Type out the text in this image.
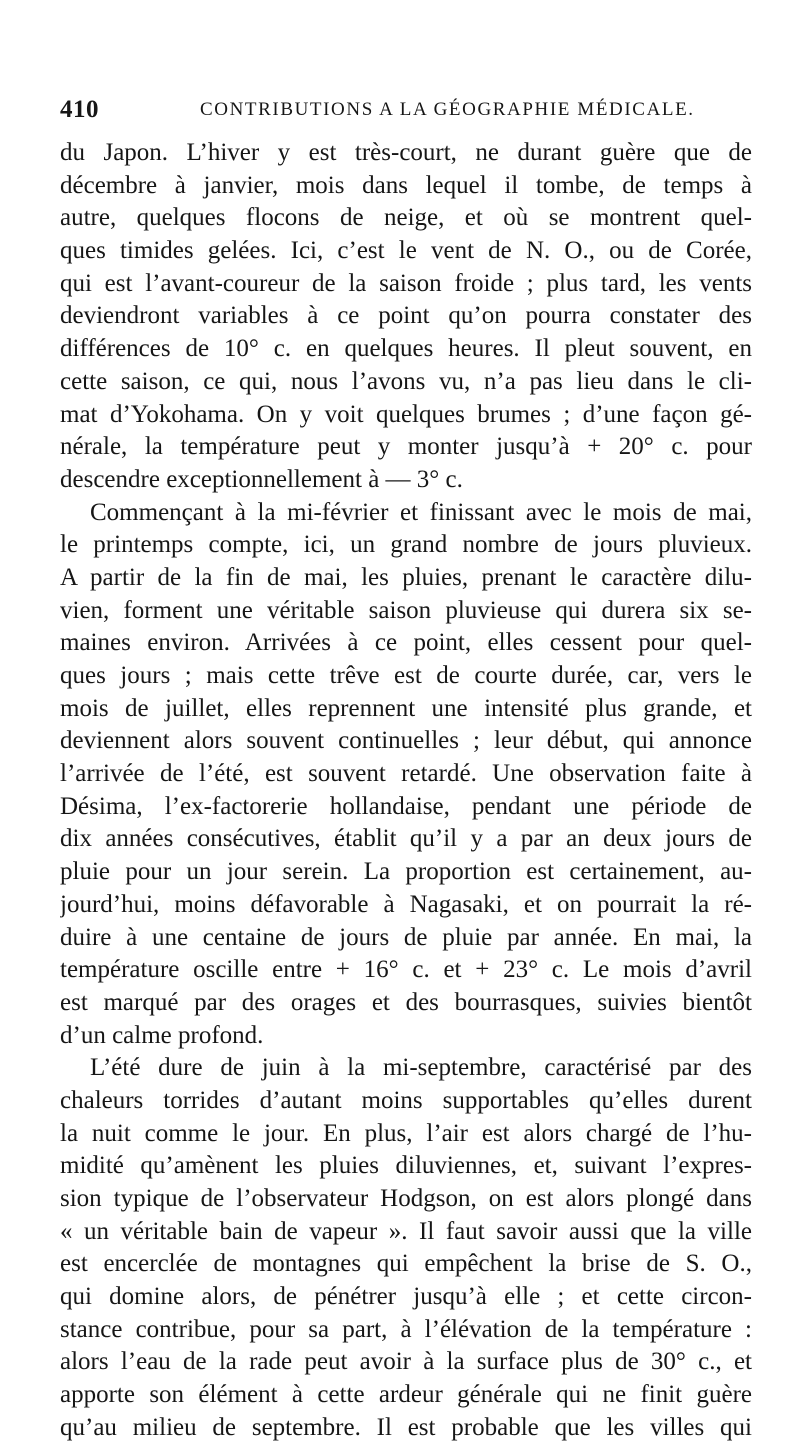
410	CONTRIBUTIONS A LA GÉOGRAPHIE MÉDICALE.
du Japon. L’hiver y est très-court, ne durant guère que de
décembre à janvier, mois dans lequel il tombe, de temps à
autre, quelques flocons de neige, et où se montrent quel-
ques timides gelées. Ici, c’est le vent de N. O., ou de Corée,
qui est l’avant-coureur de la saison froide ; plus tard, les vents
deviendront variables à ce point qu’on pourra constater des
différences de 10° c. en quelques heures. Il pleut souvent, en
cette saison, ce qui, nous l’avons vu, n’a pas lieu dans le cli-
mat d’Yokohama. On y voit quelques brumes ; d’une façon gé-
nérale, la température peut y monter jusqu’à + 20° c. pour
descendre exceptionnellement à — 3° c.
Commençant à la mi-février et finissant avec le mois de mai,
le printemps compte, ici, un grand nombre de jours pluvieux.
A partir de la fin de mai, les pluies, prenant le caractère dilu-
vien, forment une véritable saison pluvieuse qui durera six se-
maines environ. Arrivées à ce point, elles cessent pour quel-
ques jours ; mais cette trêve est de courte durée, car, vers le
mois de juillet, elles reprennent une intensité plus grande, et
deviennent alors souvent continuelles ; leur début, qui annonce
l’arrivée de l’été, est souvent retardé. Une observation faite à
Désima, l’ex-factorerie hollandaise, pendant une période de
dix années consécutives, établit qu’il y a par an deux jours de
pluie pour un jour serein. La proportion est certainement, au-
jourd’hui, moins défavorable à Nagasaki, et on pourrait la ré-
duire à une centaine de jours de pluie par année. En mai, la
température oscille entre + 16° c. et + 23° c. Le mois d’avril
est marqué par des orages et des bourrasques, suivies bientôt
d’un calme profond.
L’été dure de juin à la mi-septembre, caractérisé par des
chaleurs torrides d’autant moins supportables qu’elles durent
la nuit comme le jour. En plus, l’air est alors chargé de l’hu-
midité qu’amènent les pluies diluviennes, et, suivant l’expres-
sion typique de l’observateur Hodgson, on est alors plongé dans
« un véritable bain de vapeur ». Il faut savoir aussi que la ville
est encerclée de montagnes qui empêchent la brise de S. O.,
qui domine alors, de pénétrer jusqu’à elle ; et cette circon-
stance contribue, pour sa part, à l’élévation de la température :
alors l’eau de la rade peut avoir à la surface plus de 30° c., et
apporte son élément à cette ardeur générale qui ne finit guère
qu’au milieu de septembre. Il est probable que les villes qui
